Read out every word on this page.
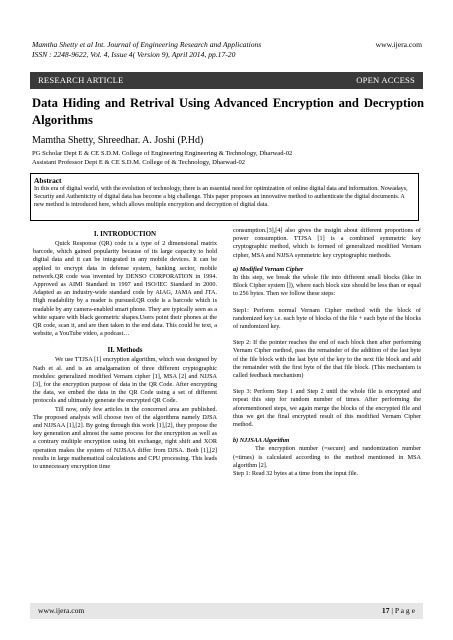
Mamtha Shetty et al Int. Journal of Engineering Research and Applications
ISSN : 2248-9622, Vol. 4, Issue 4( Version 9), April 2014, pp.17-20
www.ijera.com
RESEARCH ARTICLE	OPEN ACCESS
Data Hiding and Retrival Using Advanced Encryption and Decryption Algorithms
Mamtha Shetty, Shreedhar. A. Joshi (P.Hd)
PG Scholar Dept E & CE S.D.M. College of Engineering Engineering & Technology, Dharwad-02
Assistant Professor Dept E & CE S.D.M. College of & Technology, Dharwad-02
Abstract
In this era of digital world, with the evolution of technology, there is an essential need for optimization of online digital data and information. Nowadays, Security and Authenticity of digital data has become a big challenge. This paper proposes an innovative method to authenticate the digital documents. A new method is introduced here, which allows multiple encryption and decryption of digital data.
I. INTRODUCTION

Quick Response (QR) code is a type of 2 dimensional matrix barcode, which gained popularity because of its large capacity to hold digital data and it can be integrated in any mobile devices. It can be applied to encrypt data in defense system, banking sector, mobile network.QR code was invented by DENSO CORPORATION in 1994. Approved as AIMI Standard in 1997 and ISO/IEC Standard in 2000. Adapted as an industry-wide standard code by AIAG, JAMA and JTA. High readability by a reader is pursued.QR code is a barcode which is readable by any camera-enabled smart phone. They are typically seen as a white square with black geometric shapes.Users point their phones at the QR code, scan it, and are then taken to the end data. This could be text, a website, a YouTube video, a podcast…

II. Methods

We use TTJSA [1] encryption algorithm, which was designed by Nath et al. and is an amalgamation of three different cryptographic modules: generalized modified Vernam cipher [1], MSA [2] and NJJSA [3], for the encryption purpose of data in the QR Code. After encrypting the data, we embed the data in the QR Code using a set of different protocols and ultimately generate the encrypted QR Code.

Till now, only few articles in the concerned area are published. The proposed analysis will choose two of the algorithms namely DJSA and NJJSAA [1],[2]. By going through this work [1],[2], they propose the key generation and almost the same process for the encryption as well as a contrary multiple encryption using bit exchange, right shift and XOR operation makes the system of NJJSAA differ from DJSA. Both [1],[2] results in large mathematical calculations and CPU processing. This leads to unnecessary encryption time

consumption.[3],[4] also gives the insight about different proportions of power consumption. TTJSA [1] is a combined symmetric key cryptographic method, which is formed of generalized modified Vernam cipher, MSA and NJJSA symmetric key cryptographic methods.

a) Modified Vernam Cipher

In this step, we break the whole file into different small blocks (like in Block Cipher system []), where each block size should be less than or equal to 256 bytes. Then we follow these steps:

Step1: Perform normal Vernam Cipher method with the block of randomized key i.e. each byte of blocks of the file + each byte of the blocks of randomized key.

Step 2: If the pointer reaches the end of each block then after performing Vernam Cipher method, pass the remainder of the addition of the last byte of the file block with the last byte of the key to the next file block and add the remainder with the first byte of the that file block. (This mechanism is called feedback mechanism)

Step 3: Perform Step 1 and Step 2 until the whole file is encrypted and repeat this step for random number of times. After performing the aforementioned steps, we again merge the blocks of the encrypted file and thus we get the final encrypted result of this modified Vernam Cipher method.

b) NJJSAA Algorithm

The encryption number (=secure) and randomization number (=times) is calculated according to the method mentioned in MSA algorithm [2].

Step 1: Read 32 bytes at a time from the input file.

www.ijera.com	17 | P a g e
